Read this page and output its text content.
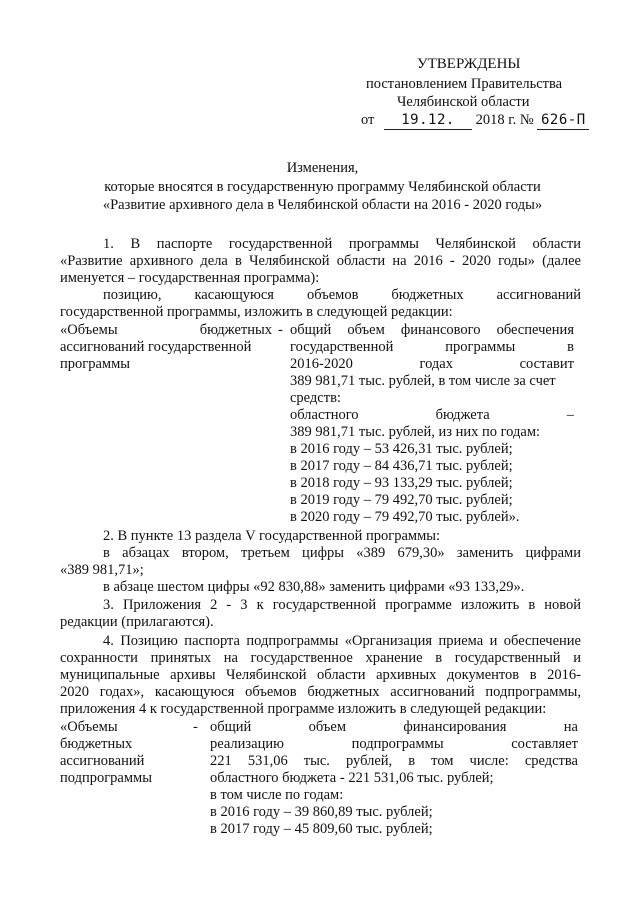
УТВЕРЖДЕНЫ
постановлением Правительства
Челябинской области
от 19.12. 2018 г. № 626-П
Изменения,
которые вносятся в государственную программу Челябинской области
«Развитие архивного дела в Челябинской области на 2016 - 2020 годы»
1. В паспорте государственной программы Челябинской области
«Развитие архивного дела в Челябинской области на 2016 - 2020 годы» (далее
именуется – государственная программа):
позицию, касающуюся объемов бюджетных ассигнований
государственной программы, изложить в следующей редакции:
«Объемы бюджетных -
ассигнований государственной
программы
общий объем финансового обеспечения
государственной программы в
2016-2020 годах составит
389 981,71 тыс. рублей, в том числе за счет
средств:
областного бюджета –
389 981,71 тыс. рублей, из них по годам:
в 2016 году – 53 426,31 тыс. рублей;
в 2017 году – 84 436,71 тыс. рублей;
в 2018 году – 93 133,29 тыс. рублей;
в 2019 году – 79 492,70 тыс. рублей;
в 2020 году – 79 492,70 тыс. рублей».
2. В пункте 13 раздела V государственной программы:
в абзацах втором, третьем цифры «389 679,30» заменить цифрами
«389 981,71»;
в абзаце шестом цифры «92 830,88» заменить цифрами «93 133,29».
3. Приложения 2 - 3 к государственной программе изложить в новой
редакции (прилагаются).
4. Позицию паспорта подпрограммы «Организация приема и обеспечение
сохранности принятых на государственное хранение в государственный и
муниципальные архивы Челябинской области архивных документов в 2016-
2020 годах», касающуюся объемов бюджетных ассигнований подпрограммы,
приложения 4 к государственной программе изложить в следующей редакции:
«Объемы	-
бюджетных
ассигнований
подпрограммы
общий объем финансирования на
реализацию подпрограммы составляет
221 531,06 тыс. рублей, в том числе: средства
областного бюджета - 221 531,06 тыс. рублей;
в том числе по годам:
в 2016 году – 39 860,89 тыс. рублей;
в 2017 году – 45 809,60 тыс. рублей;
